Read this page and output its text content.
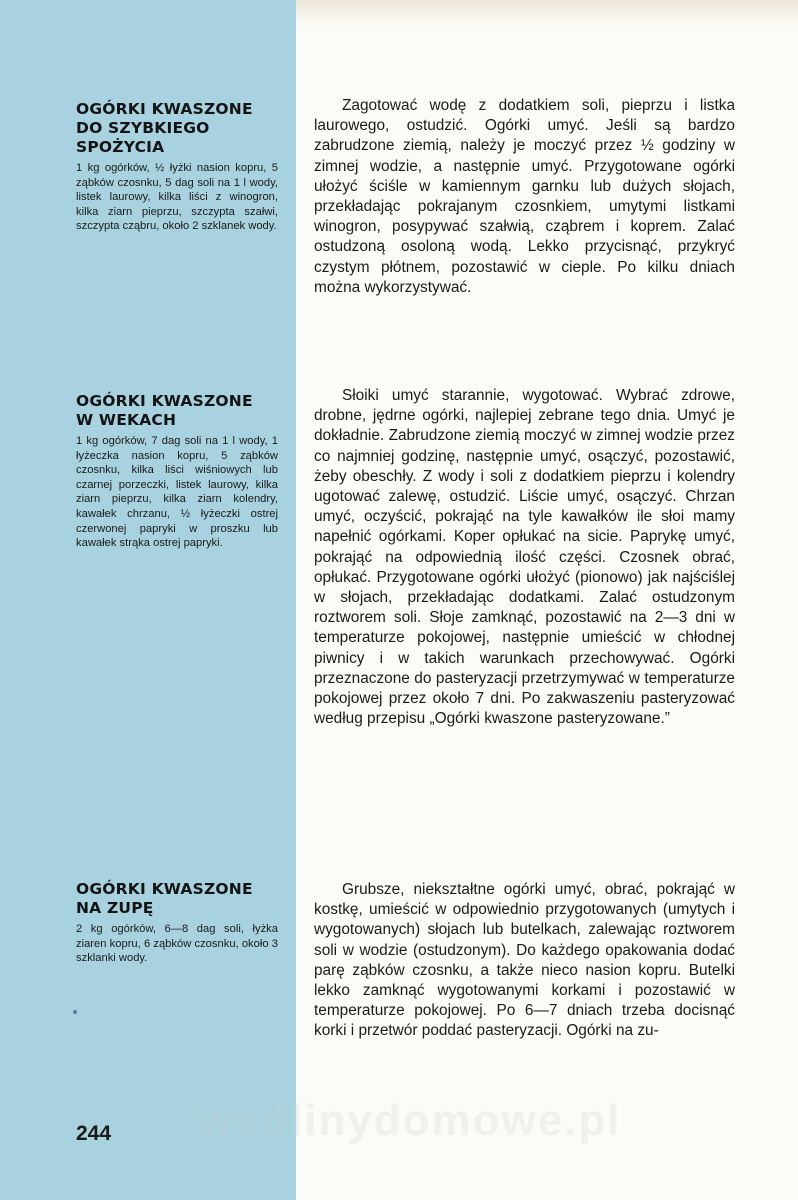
OGÓRKI KWASZONE
DO SZYBKIEGO
SPOŻYCIA

1 kg ogórków, ½ łyżki nasion kopru, 5 ząbków czosnku, 5 dag soli na 1 l wody, listek laurowy, kilka liści z winogron, kilka ziarn pieprzu, szczypta szałwi, szczypta cząbru, około 2 szklanek wody.

Zagotować wodę z dodatkiem soli, pieprzu i listka laurowego, ostudzić. Ogórki umyć. Jeśli są bardzo zabrudzone ziemią, należy je moczyć przez ½ godziny w zimnej wodzie, a następnie umyć. Przygotowane ogórki ułożyć ściśle w kamiennym garnku lub dużych słojach, przekładając pokrajanym czosnkiem, umytymi listkami winogron, posypywać szałwią, cząbrem i koprem. Zalać ostudzoną osoloną wodą. Lekko przycisnąć, przykryć czystym płótnem, pozostawić w cieple. Po kilku dniach można wykorzystywać.

OGÓRKI KWASZONE
W WEKACH

1 kg ogórków, 7 dag soli na 1 l wody, 1 łyżeczka nasion kopru, 5 ząbków czosnku, kilka liści wiśniowych lub czarnej porzeczki, listek laurowy, kilka ziarn pieprzu, kilka ziarn kolendry, kawałek chrzanu, ½ łyżeczki ostrej czerwonej papryki w proszku lub kawałek strąka ostrej papryki.

Słoiki umyć starannie, wygotować. Wybrać zdrowe, drobne, jędrne ogórki, najlepiej zebrane tego dnia. Umyć je dokładnie. Zabrudzone ziemią moczyć w zimnej wodzie przez co najmniej godzinę, następnie umyć, osączyć, pozostawić, żeby obeschły. Z wody i soli z dodatkiem pieprzu i kolendry ugotować zalewę, ostudzić. Liście umyć, osączyć. Chrzan umyć, oczyścić, pokrająć na tyle kawałków ile słoi mamy napełnić ogórkami. Koper opłukać na sicie. Paprykę umyć, pokrająć na odpowiednią ilość części. Czosnek obrać, opłukać. Przygotowane ogórki ułożyć (pionowo) jak najściślej w słojach, przekładając dodatkami. Zalać ostudzonym roztworem soli. Słoje zamknąć, pozostawić na 2—3 dni w temperaturze pokojowej, następnie umieścić w chłodnej piwnicy i w takich warunkach przechowywać. Ogórki przeznaczone do pasteryzacji przetrzymywać w temperaturze pokojowej przez około 7 dni. Po zakwaszeniu pasteryzować według przepisu „Ogórki kwaszone pasteryzowane.”

OGÓRKI KWASZONE
NA ZUPĘ

2 kg ogórków, 6—8 dag soli, łyżka ziaren kopru, 6 ząbków czosnku, około 3 szklanki wody.

Grubsze, niekształtne ogórki umyć, obrać, pokrająć w kostkę, umieścić w odpowiednio przygotowanych (umytych i wygotowanych) słojach lub butelkach, zalewając roztworem soli w wodzie (ostudzonym). Do każdego opakowania dodać parę ząbków czosnku, a także nieco nasion kopru. Butelki lekko zamknąć wygotowanymi korkami i pozostawić w temperaturze pokojowej. Po 6—7 dniach trzeba docisnąć korki i przetwór poddać pasteryzacji. Ogórki na zu-

244	wedlinydomowe.pl
